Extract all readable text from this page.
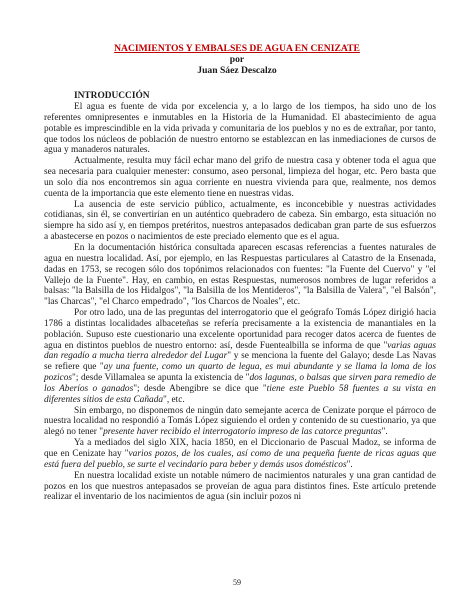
NACIMIENTOS Y EMBALSES DE AGUA EN CENIZATE
por
Juan Sáez Descalzo
INTRODUCCIÓN

El agua es fuente de vida por excelencia y, a lo largo de los tiempos, ha sido uno de los referentes omnipresentes e inmutables en la Historia de la Humanidad. El abastecimiento de agua potable es imprescindible en la vida privada y comunitaria de los pueblos y no es de extrañar, por tanto, que todos los núcleos de población de nuestro entorno se establezcan en las inmediaciones de cursos de agua y manaderos naturales.

Actualmente, resulta muy fácil echar mano del grifo de nuestra casa y obtener toda el agua que sea necesaria para cualquier menester: consumo, aseo personal, limpieza del hogar, etc. Pero basta que un solo día nos encontremos sin agua corriente en nuestra vivienda para que, realmente, nos demos cuenta de la importancia que este elemento tiene en nuestras vidas.

La ausencia de este servicio público, actualmente, es inconcebible y nuestras actividades cotidianas, sin él, se convertirían en un auténtico quebradero de cabeza. Sin embargo, esta situación no siempre ha sido así y, en tiempos pretéritos, nuestros antepasados dedicaban gran parte de sus esfuerzos a abastecerse en pozos o nacimientos de este preciado elemento que es el agua.

En la documentación histórica consultada aparecen escasas referencias a fuentes naturales de agua en nuestra localidad. Así, por ejemplo, en las Respuestas particulares al Catastro de la Ensenada, dadas en 1753, se recogen sólo dos topónimos relacionados con fuentes: "la Fuente del Cuervo" y "el Vallejo de la Fuente". Hay, en cambio, en estas Respuestas, numerosos nombres de lugar referidos a balsas: "la Balsilla de los Hidalgos", "la Balsilla de los Mentideros", "la Balsilla de Valera", "el Balsón", "las Charcas", "el Charco empedrado", "los Charcos de Noales", etc.

Por otro lado, una de las preguntas del interrogatorio que el geógrafo Tomás López dirigió hacia 1786 a distintas localidades albaceteñas se refería precisamente a la existencia de manantiales en la población. Supuso este cuestionario una excelente oportunidad para recoger datos acerca de fuentes de agua en distintos pueblos de nuestro entorno: así, desde Fuentealbilla se informa de que "varias aguas dan regadío a mucha tierra alrededor del Lugar" y se menciona la fuente del Galayo; desde Las Navas se refiere que "ay una fuente, como un quarto de legua, es mui abundante y se llama la loma de los pozicos"; desde Villamalea se apunta la existencia de "dos lagunas, o balsas que sirven para remedio de los Aberíos o ganados"; desde Abengibre se dice que "tiene este Pueblo 58 fuentes a su vista en diferentes sitios de esta Cañada", etc.

Sin embargo, no disponemos de ningún dato semejante acerca de Cenizate porque el párroco de nuestra localidad no respondió a Tomás López siguiendo el orden y contenido de su cuestionario, ya que alegó no tener "presente haver recibido el interrogatorio impreso de las catorce preguntas".

Ya a mediados del siglo XIX, hacia 1850, en el Diccionario de Pascual Madoz, se informa de que en Cenizate hay "varios pozos, de los cuales, así como de una pequeña fuente de ricas aguas que está fuera del pueblo, se surte el vecindario para beber y demás usos domésticos".

En nuestra localidad existe un notable número de nacimientos naturales y una gran cantidad de pozos en los que nuestros antepasados se proveían de agua para distintos fines. Este artículo pretende realizar el inventario de los nacimientos de agua (sin incluir pozos ni

59
